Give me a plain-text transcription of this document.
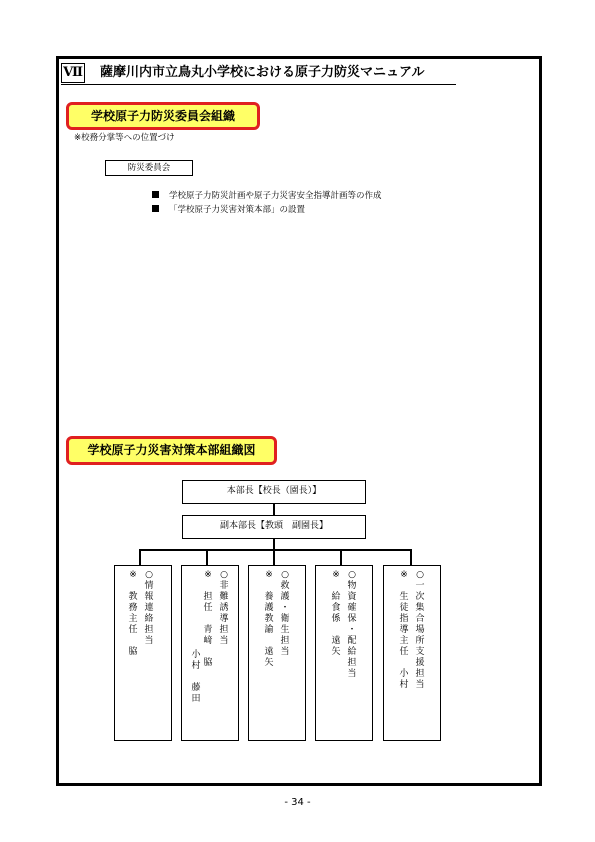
Ⅶ 薩摩川内市立鳥丸小学校における原子力防災マニュアル
学校原子力防災委員会組織
※校務分掌等への位置づけ
防災委員会
学校原子力防災計画や原子力災害安全指導計画等の作成
「学校原子力災害対策本部」の設置
学校原子力災害対策本部組織図
本部長【校長（園長）】
副本部長【教頭　副園長】
○
情
報
連
絡
担
当
※

教
務
主
任

脇
○
非
難
誘
導
担
当
※

担
任

青
﨑

脇
小
村

藤
田
○
救
護
・
衛
生
担
当
※

養
護
教
諭

遠
矢
○
物
資
確
保
・
配
給
担
当
※

給
食
係

遠
矢
○
一
次
集
合
場
所
支
援
担
当
※

生
徒
指
導
主
任

小
村
- 34 -
